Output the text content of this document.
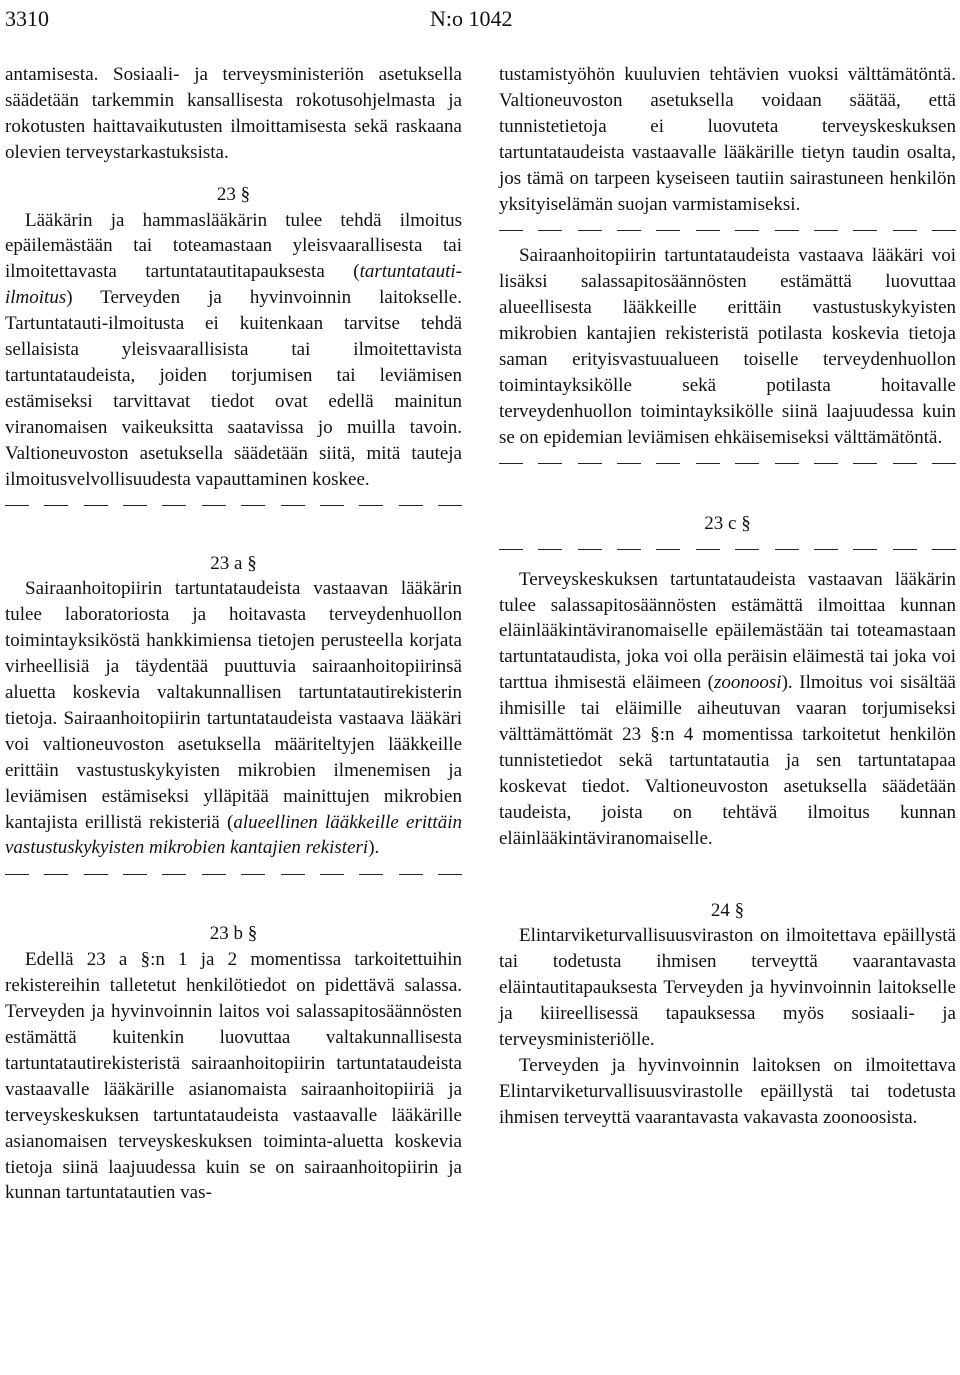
3310	N:o 1042

antamisesta. Sosiaali- ja terveysministeriön asetuksella säädetään tarkemmin kansallisesta rokotusohjelmasta ja rokotusten haittavaikutusten ilmoittamisesta sekä raskaana olevien terveystarkastuksista.

23 §

Lääkärin ja hammaslääkärin tulee tehdä ilmoitus epäilemästään tai toteamastaan yleisvaarallisesta tai ilmoitettavasta tartuntatautitapauksesta (tartuntatauti-ilmoitus) Terveyden ja hyvinvoinnin laitokselle. Tartuntatauti-ilmoitusta ei kuitenkaan tarvitse tehdä sellaisista yleisvaarallisista tai ilmoitettavista tartuntataudeista, joiden torjumisen tai leviämisen estämiseksi tarvittavat tiedot ovat edellä mainitun viranomaisen vaikeuksitta saatavissa jo muilla tavoin. Valtioneuvoston asetuksella säädetään siitä, mitä tauteja ilmoitusvelvollisuudesta vapauttaminen koskee.

23 a §

Sairaanhoitopiirin tartuntataudeista vastaavan lääkärin tulee laboratoriosta ja hoitavasta terveydenhuollon toimintayksiköstä hankkimiensa tietojen perusteella korjata virheellisiä ja täydentää puuttuvia sairaanhoitopiirinsä aluetta koskevia valtakunnallisen tartuntatautirekisterin tietoja. Sairaanhoitopiirin tartuntataudeista vastaava lääkäri voi valtioneuvoston asetuksella määriteltyjen lääkkeille erittäin vastustuskykyisten mikrobien ilmenemisen ja leviämisen estämiseksi ylläpitää mainittujen mikrobien kantajista erillistä rekisteriä (alueellinen lääkkeille erittäin vastustuskykyisten mikrobien kantajien rekisteri).

23 b §

Edellä 23 a §:n 1 ja 2 momentissa tarkoitettuihin rekistereihin talletetut henkilötiedot on pidettävä salassa. Terveyden ja hyvinvoinnin laitos voi salassapitosäännösten estämättä kuitenkin luovuttaa valtakunnallisesta tartuntatautirekisteristä sairaanhoitopiirin tartuntataudeista vastaavalle lääkärille asianomaista sairaanhoitopiiriä ja terveyskeskuksen tartuntataudeista vastaavalle lääkärille asianomaisen terveyskeskuksen toiminta-aluetta koskevia tietoja siinä laajuudessa kuin se on sairaanhoitopiirin ja kunnan tartuntatautien vas-

tustamistyöhön kuuluvien tehtävien vuoksi välttämätöntä. Valtioneuvoston asetuksella voidaan säätää, että tunnistetietoja ei luovuteta terveyskeskuksen tartuntataudeista vastaavalle lääkärille tietyn taudin osalta, jos tämä on tarpeen kyseiseen tautiin sairastuneen henkilön yksityiselämän suojan varmistamiseksi.

Sairaanhoitopiirin tartuntataudeista vastaava lääkäri voi lisäksi salassapitosäännösten estämättä luovuttaa alueellisesta lääkkeille erittäin vastustuskykyisten mikrobien kantajien rekisteristä potilasta koskevia tietoja saman erityisvastuualueen toiselle terveydenhuollon toimintayksikölle sekä potilasta hoitavalle terveydenhuollon toimintayksikölle siinä laajuudessa kuin se on epidemian leviämisen ehkäisemiseksi välttämätöntä.

23 c §

Terveyskeskuksen tartuntataudeista vastaavan lääkärin tulee salassapitosäännösten estämättä ilmoittaa kunnan eläinlääkintäviranomaiselle epäilemästään tai toteamastaan tartuntataudista, joka voi olla peräisin eläimestä tai joka voi tarttua ihmisestä eläimeen (zoonoosi). Ilmoitus voi sisältää ihmisille tai eläimille aiheutuvan vaaran torjumiseksi välttämättömät 23 §:n 4 momentissa tarkoitetut henkilön tunnistetiedot sekä tartuntatautia ja sen tartuntatapaa koskevat tiedot. Valtioneuvoston asetuksella säädetään taudeista, joista on tehtävä ilmoitus kunnan eläinlääkintäviranomaiselle.

24 §

Elintarviketurvallisuusviraston on ilmoitettava epäillystä tai todetusta ihmisen terveyttä vaarantavasta eläintautitapauksesta Terveyden ja hyvinvoinnin laitokselle ja kiireellisessä tapauksessa myös sosiaali- ja terveysministeriölle.

Terveyden ja hyvinvoinnin laitoksen on ilmoitettava Elintarviketurvallisuusvirastolle epäillystä tai todetusta ihmisen terveyttä vaarantavasta vakavasta zoonoosista.
